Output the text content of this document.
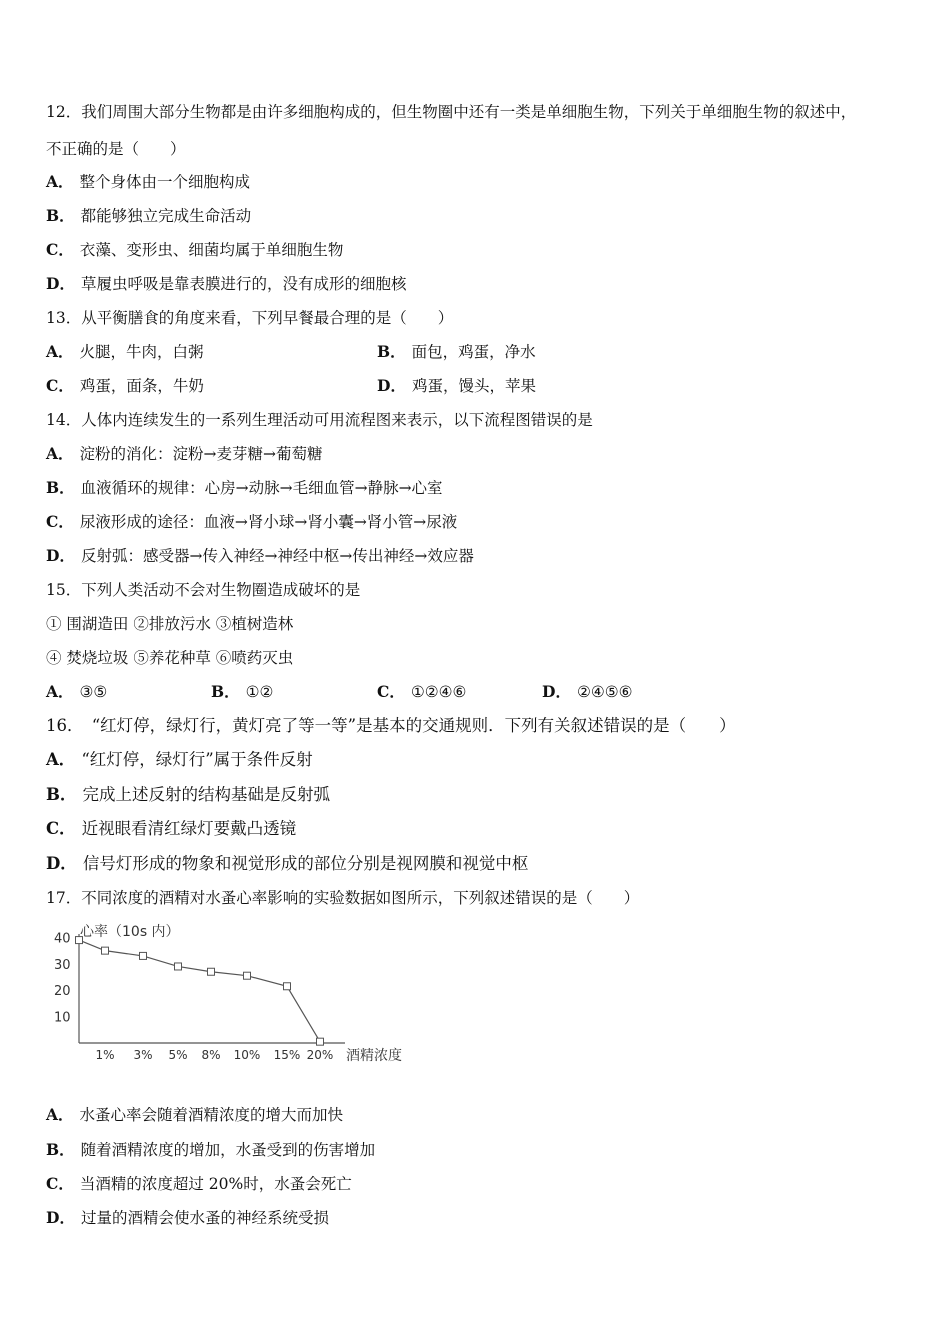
12．我们周围大部分生物都是由许多细胞构成的，但生物圈中还有一类是单细胞生物，下列关于单细胞生物的叙述中，
不正确的是（　　）
A． 整个身体由一个细胞构成
B． 都能够独立完成生命活动
C． 衣藻、变形虫、细菌均属于单细胞生物
D． 草履虫呼吸是靠表膜进行的，没有成形的细胞核
13．从平衡膳食的角度来看，下列早餐最合理的是（　　）
A． 火腿，牛肉，白粥	B． 面包，鸡蛋，净水
C． 鸡蛋，面条，牛奶	D． 鸡蛋，馒头，苹果
14．人体内连续发生的一系列生理活动可用流程图来表示，以下流程图错误的是
A． 淀粉的消化：淀粉→麦芽糖→葡萄糖
B． 血液循环的规律：心房→动脉→毛细血管→静脉→心室
C． 尿液形成的途径：血液→肾小球→肾小囊→肾小管→尿液
D． 反射弧：感受器→传入神经→神经中枢→传出神经→效应器
15．下列人类活动不会对生物圈造成破坏的是
① 围湖造田 ②排放污水 ③植树造林
④ 焚烧垃圾 ⑤养花种草 ⑥喷药灭虫
A． ③⑤	B． ①②	C． ①②④⑥	D． ②④⑤⑥
16．　“红灯停，绿灯行，黄灯亮了等一等”是基本的交通规则．下列有关叙述错误的是（　　）
A． “红灯停，绿灯行”属于条件反射
B． 完成上述反射的结构基础是反射弧
C． 近视眼看清红绿灯要戴凸透镜
D． 信号灯形成的物象和视觉形成的部位分别是视网膜和视觉中枢
17．不同浓度的酒精对水蚤心率影响的实验数据如图所示，下列叙述错误的是（　　）
10
20
30
40
1% 3% 5% 8% 10% 15% 20%
心率（10s 内）
酒精浓度
A． 水蚤心率会随着酒精浓度的增大而加快
B． 随着酒精浓度的增加，水蚤受到的伤害增加
C． 当酒精的浓度超过 20%时，水蚤会死亡
D． 过量的酒精会使水蚤的神经系统受损
